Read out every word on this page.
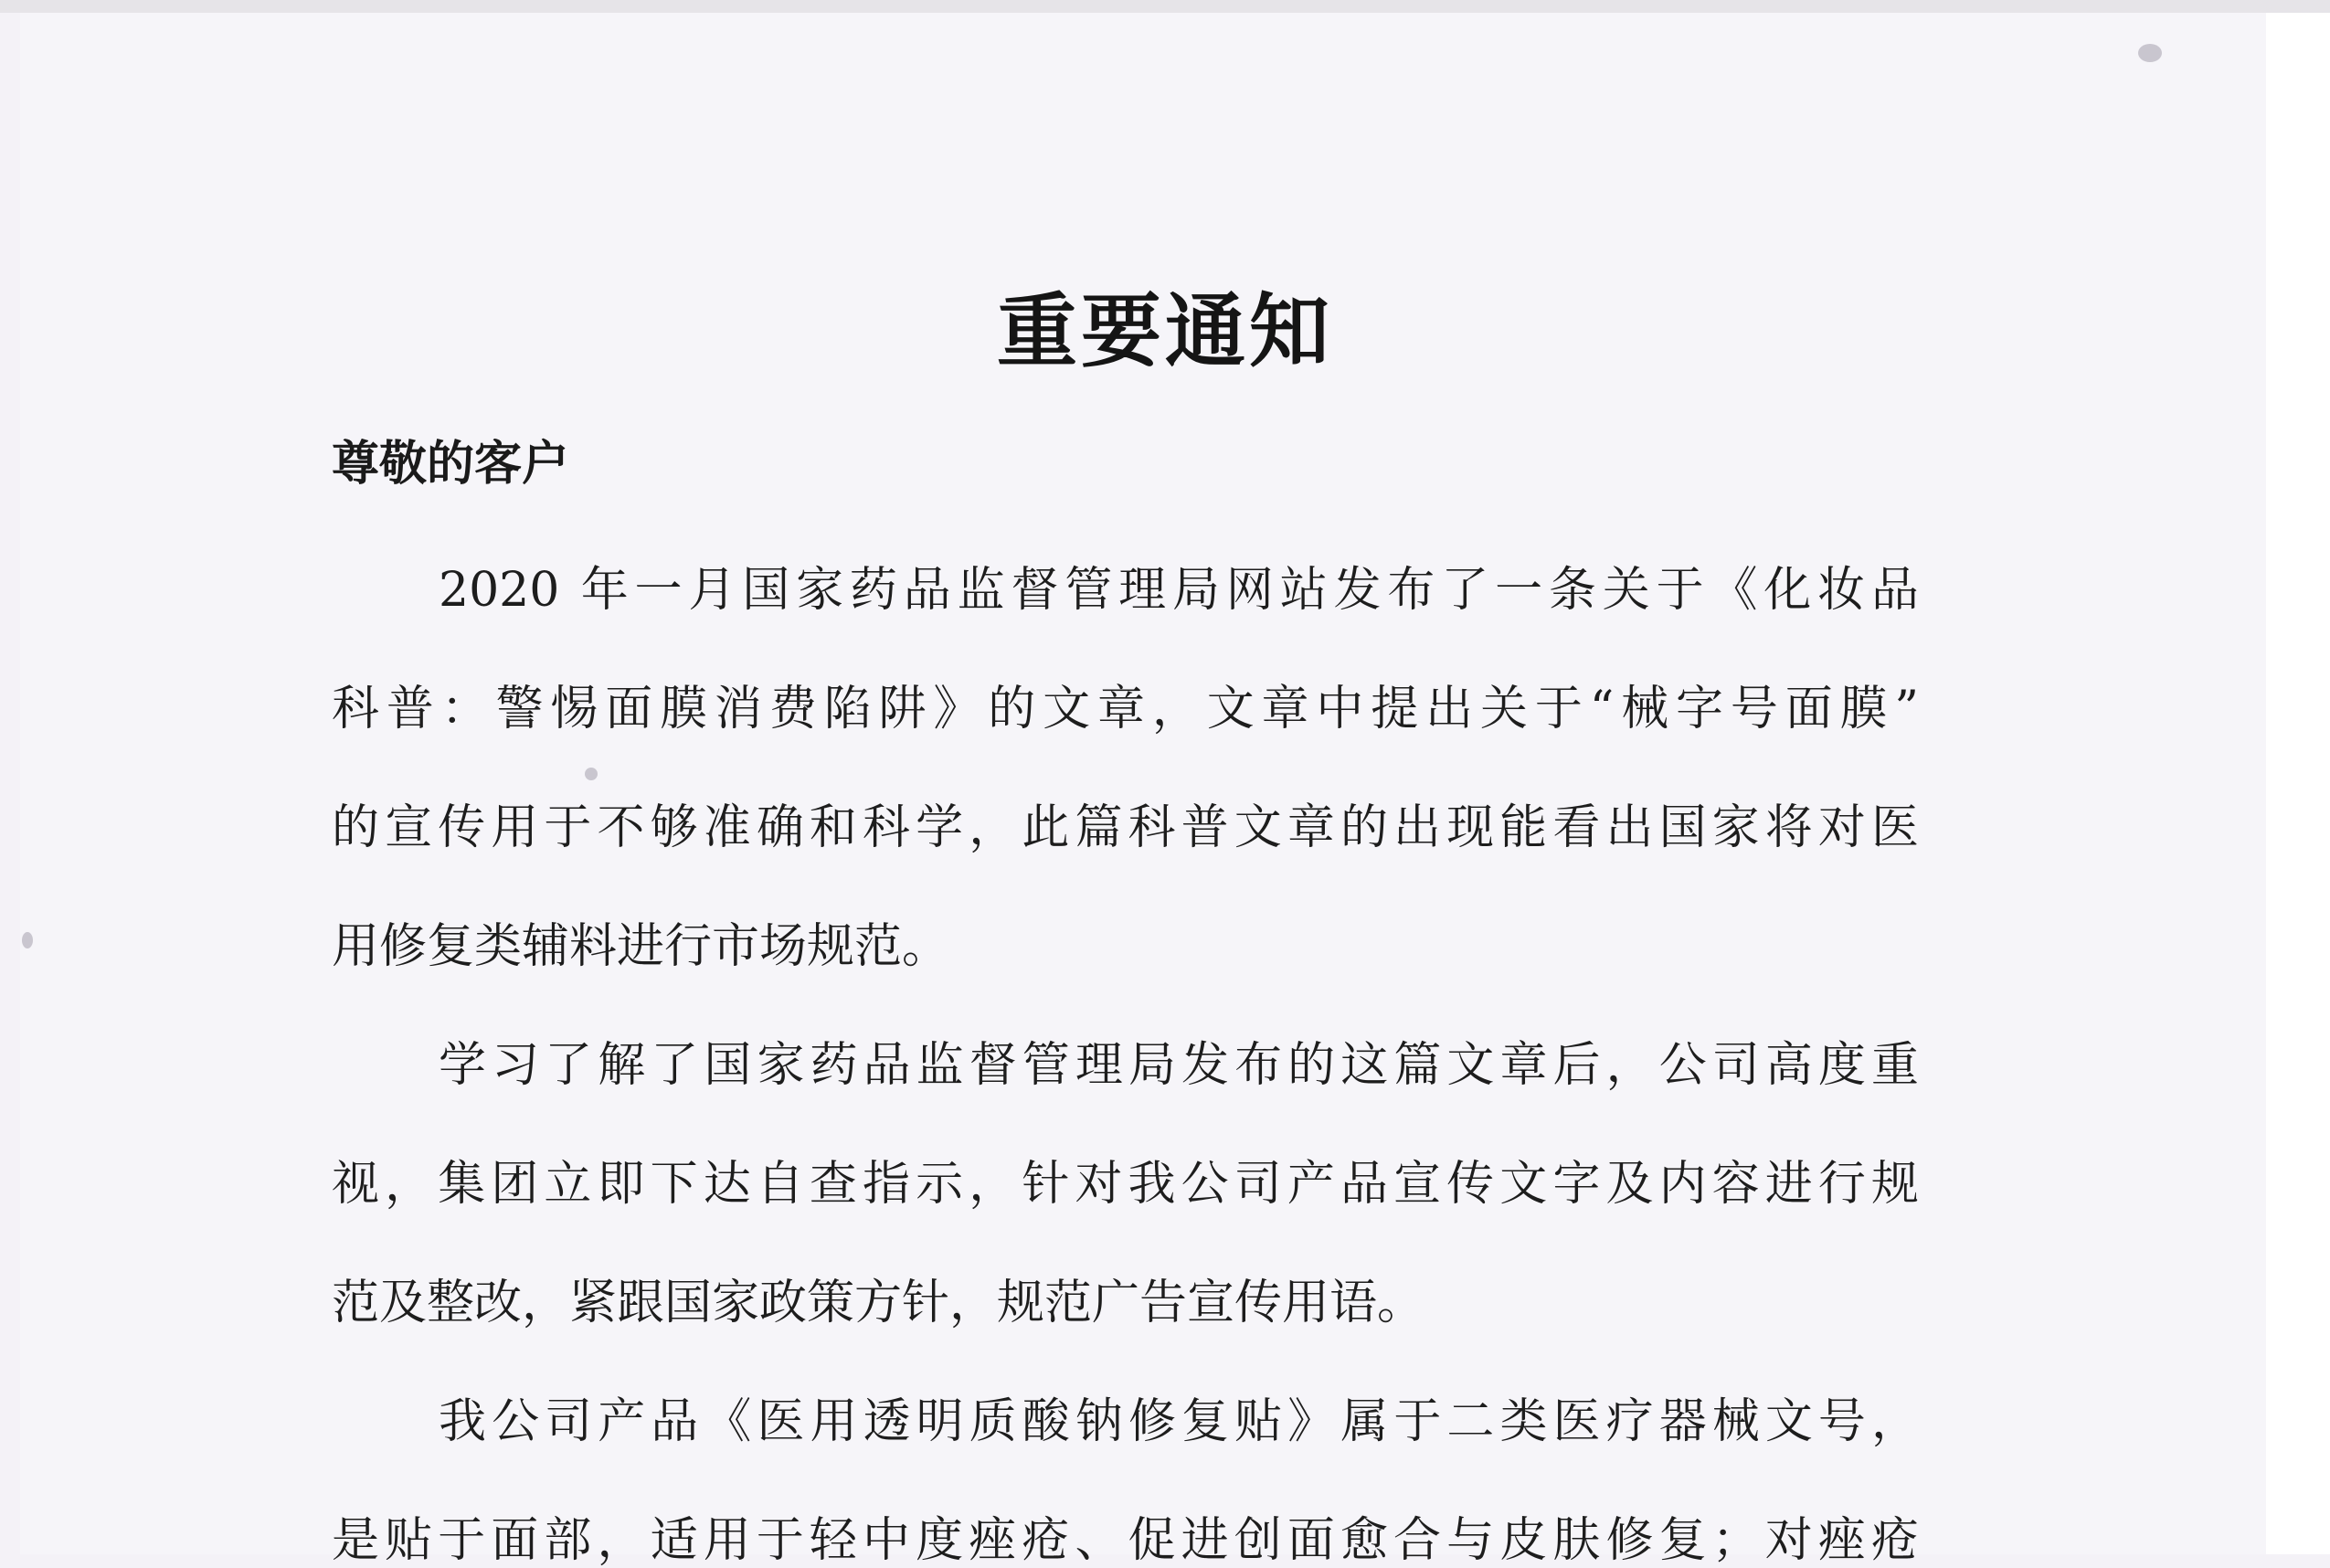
重要通知
尊敬的客户
2020 年一月国家药品监督管理局网站发布了一条关于《化妆品
科普：警惕面膜消费陷阱》的文章，文章中提出关于“械字号面膜”
的宣传用于不够准确和科学，此篇科普文章的出现能看出国家将对医
用修复类辅料进行市场规范。
学习了解了国家药品监督管理局发布的这篇文章后，公司高度重
视，集团立即下达自查指示，针对我公司产品宣传文字及内容进行规
范及整改，紧跟国家政策方针，规范广告宣传用语。
我公司产品《医用透明质酸钠修复贴》属于二类医疗器械文号，
是贴于面部，适用于轻中度痤疮、促进创面愈合与皮肤修复；对痤疮
